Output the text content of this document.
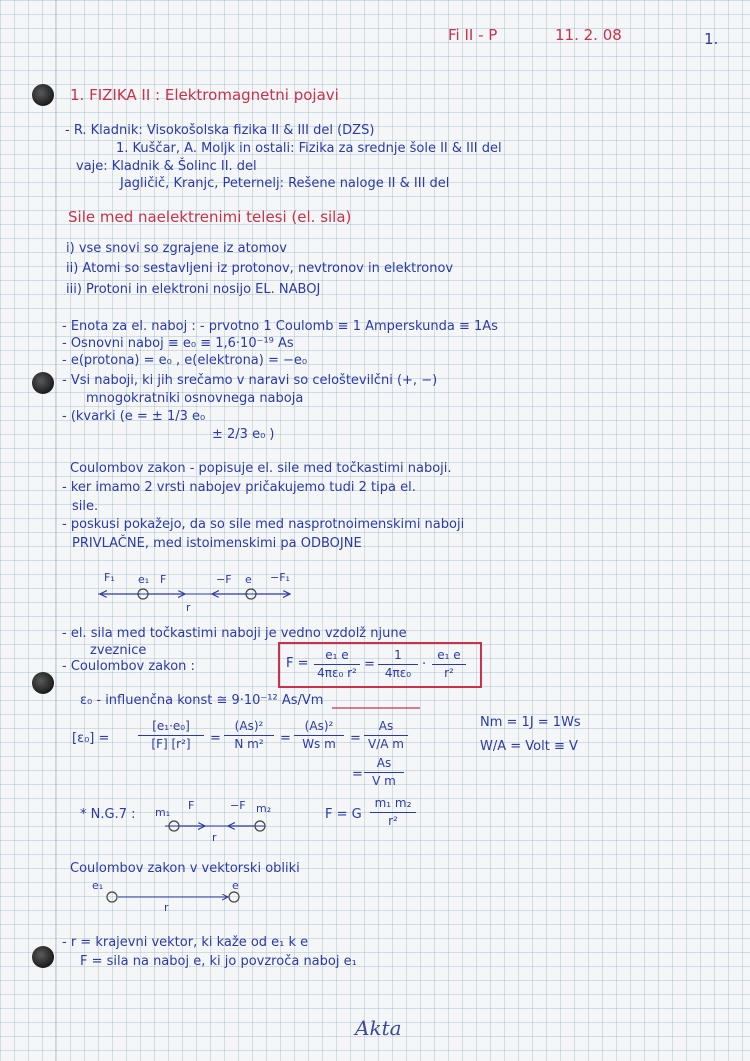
Fi II - P	11. 2. 08	1.
1. FIZIKA II : Elektromagnetni pojavi
- R. Kladnik: Visokošolska fizika II & III del (DZS)
1. Kuščar, A. Moljk in ostali: Fizika za srednje šole II & III del
vaje: Kladnik & Šolinc II. del
Jagličič, Kranjc, Peternelj: Rešene naloge II & III del
Sile med naelektrenimi telesi (el. sila)
i) vse snovi so zgrajene iz atomov
ii) Atomi so sestavljeni iz protonov, nevtronov in elektronov
iii) Protoni in elektroni nosijo EL. NABOJ
- Enota za el. naboj : - prvotno 1 Coulomb ≡ 1 Amperskunda ≡ 1As
- Osnovni naboj ≡ e₀ ≡ 1,6·10⁻¹⁹ As
- e(protona) = e₀ , e(elektrona) = −e₀
- Vsi naboji, ki jih srečamo v naravi so celoštevilčni (+, −)
mnogokratniki osnovnega naboja
- (kvarki (e = ± 1/3 e₀
± 2/3 e₀ )
Coulombov zakon - popisuje el. sile med točkastimi naboji.
- ker imamo 2 vrsti nabojev pričakujemo tudi 2 tipa el.
sile.
- poskusi pokažejo, da so sile med nasprotnoimenskimi naboji
PRIVLAČNE, med istoimenskimi pa ODBOJNE
F₁ e₁ F	−F e −F₁
r
- el. sila med točkastimi naboji je vedno vzdolž njune
zveznice
- Coulombov zakon :	F =
e₁ e
4πε₀ r²
=
1
4πε₀
·
e₁ e
r²
ε₀ - influenčna konst ≅ 9·10⁻¹² As/Vm
[ε₀] =
[e₁·e₀]
[F] [r²]	=
(As)²
N m²	=
(As)²
Ws m	=
As
V/A m
=
As
V m
Nm = 1J = 1Ws
W/A = Volt ≡ V
* N.G.7 : m₁
F	−F m₂
r
F = G
m₁ m₂
r²
Coulombov zakon v vektorski obliki
e₁	e
r
- r = krajevni vektor, ki kaže od e₁ k e
F = sila na naboj e, ki jo povzroča naboj e₁
Akta
